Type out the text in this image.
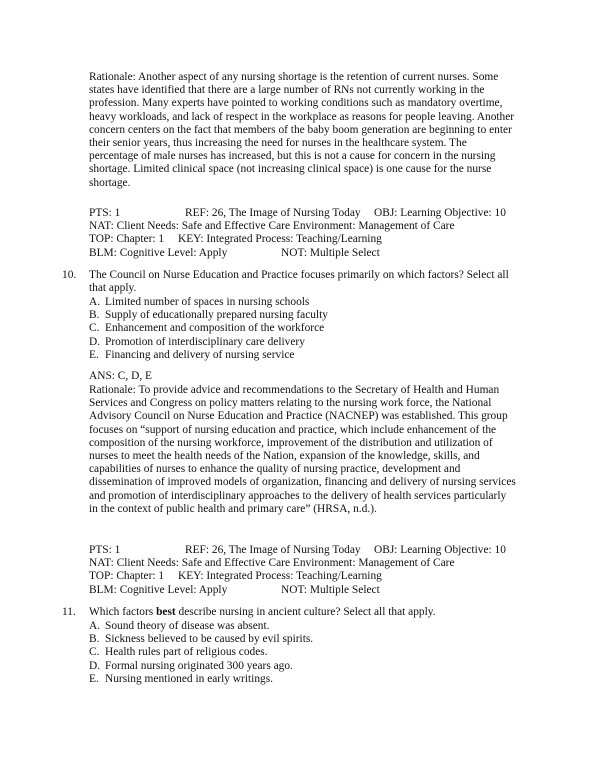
Rationale: Another aspect of any nursing shortage is the retention of current nurses. Some states have identified that there are a large number of RNs not currently working in the profession. Many experts have pointed to working conditions such as mandatory overtime, heavy workloads, and lack of respect in the workplace as reasons for people leaving. Another concern centers on the fact that members of the baby boom generation are beginning to enter their senior years, thus increasing the need for nurses in the healthcare system. The percentage of male nurses has increased, but this is not a cause for concern in the nursing shortage. Limited clinical space (not increasing clinical space) is one cause for the nurse shortage.

PTS: 1	REF: 26, The Image of Nursing Today OBJ: Learning Objective: 10
NAT: Client Needs: Safe and Effective Care Environment: Management of Care
TOP: Chapter: 1 KEY: Integrated Process: Teaching/Learning
BLM: Cognitive Level: Apply	NOT: Multiple Select
10. The Council on Nurse Education and Practice focuses primarily on which factors? Select all that apply.

A. Limited number of spaces in nursing schools
B. Supply of educationally prepared nursing faculty
C. Enhancement and composition of the workforce
D. Promotion of interdisciplinary care delivery
E. Financing and delivery of nursing service
ANS: C, D, E

Rationale: To provide advice and recommendations to the Secretary of Health and Human Services and Congress on policy matters relating to the nursing work force, the National Advisory Council on Nurse Education and Practice (NACNEP) was established. This group focuses on “support of nursing education and practice, which include enhancement of the composition of the nursing workforce, improvement of the distribution and utilization of nurses to meet the health needs of the Nation, expansion of the knowledge, skills, and capabilities of nurses to enhance the quality of nursing practice, development and dissemination of improved models of organization, financing and delivery of nursing services and promotion of interdisciplinary approaches to the delivery of health services particularly in the context of public health and primary care” (HRSA, n.d.).

PTS: 1	REF: 26, The Image of Nursing Today OBJ: Learning Objective: 10
NAT: Client Needs: Safe and Effective Care Environment: Management of Care
TOP: Chapter: 1 KEY: Integrated Process: Teaching/Learning
BLM: Cognitive Level: Apply	NOT: Multiple Select
11. Which factors best describe nursing in ancient culture? Select all that apply.

A. Sound theory of disease was absent.
B. Sickness believed to be caused by evil spirits.
C. Health rules part of religious codes.
D. Formal nursing originated 300 years ago.
E. Nursing mentioned in early writings.
